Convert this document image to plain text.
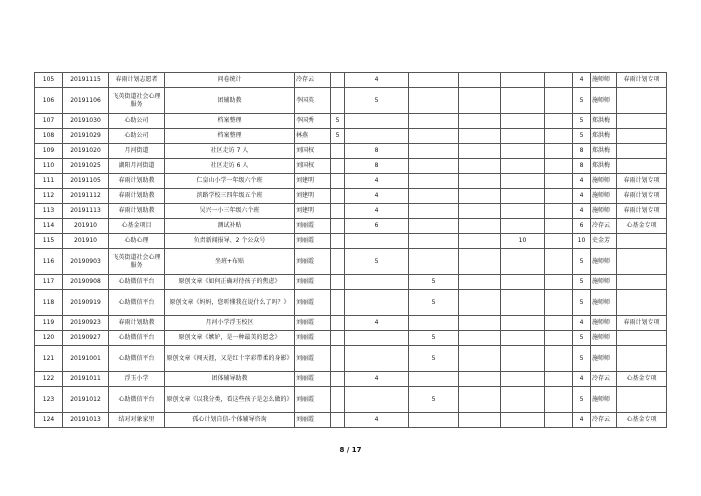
105	20191115	春雨计划志愿者	问卷统计	冷存云		4					4	施师师	春雨计划专项
106	20191106	飞英街道社会心理服务	团辅助教	李国英		5					5	施师师	
107	20191030	心助公司	档案整理	李国秀	5						5	郑洪梅	
108	20191029	心助公司	档案整理	林燕	5						5	郑洪梅	
109	20191020	月河街道	社区走访 7 人	刘国权		8					8	郑洪梅	
110	20191025	湖阳月河街道	社区走访 6 人	刘国权		8					8	郑洪梅	
111	20191105	春雨计划助教	仁皇山小学一年级六个班	刘建明		4					4	施师师	春雨计划专项
112	20191112	春雨计划助教	滨路学校三四年级五个班	刘建明		4					4	施师师	春雨计划专项
113	20191113	春雨计划助教	吴兴一小三年级六个班	刘建明		4					4	施师师	春雨计划专项
114	201910	心基金项目	测试补贴	刘丽霞		6					6	冷存云	心基金专项
115	201910	心助心理	负责新闻报导、2 个公众号	刘丽霞					10		10	史金芳	
116	20190903	飞英街道社会心理服务	坐班+布贴	刘丽霞		5					5	施师师	
117	20190908	心助微信平台	原创文章《如何正确对待孩子的焦虑》	刘丽霞			5				5	施师师	
118	20190919	心助微信平台	原创文章《妈妈，您听懂我在说什么了吗？》	刘丽霞			5				5	施师师	
119	20190923	春雨计划助教	月河小学浮玉校区	刘丽霞		4					4	施师师	春雨计划专项
120	20190927	心助微信平台	原创文章《嫉妒，是一种最美的愿念》	刘丽霞			5				5	施师师	
121	20191001	心助微信平台	原创文章《闯天涯，又是红十字彩带柔的身影》	刘丽霞			5				5	施师师	
122	20191011	浮玉小学	团体辅导助教	刘丽霞		4					4	冷存云	心基金专项
123	20191012	心助微信平台	原创文章《以我分类，看这些孩子是怎么做的》	刘丽霞			5				5	施师师	
124	20191013	结对对象家里	孤心计划自信-个体辅导咨询	刘丽霞		4					4	冷存云	心基金专项
8 / 17
